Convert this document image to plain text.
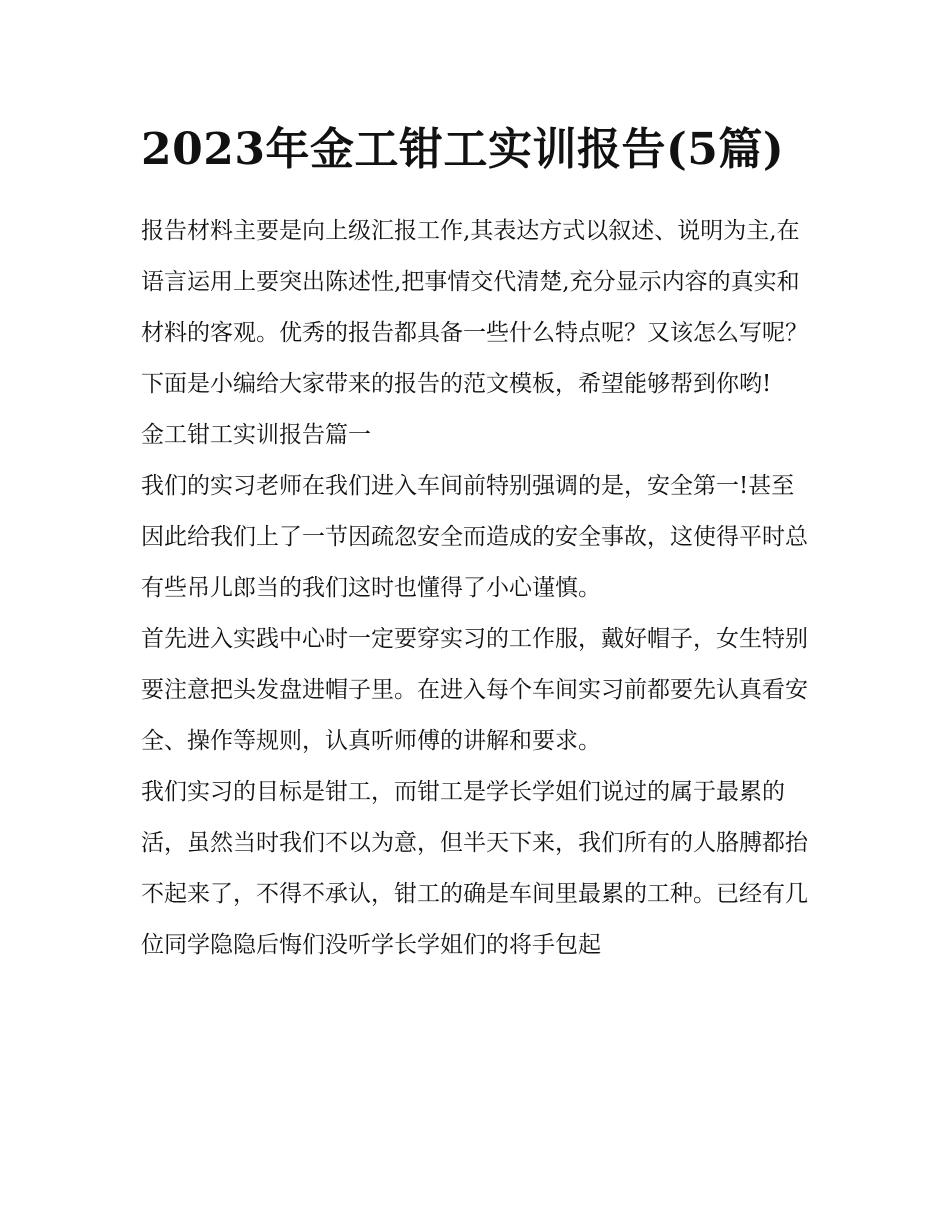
2023年金工钳工实训报告(5篇)

报告材料主要是向上级汇报工作,其表达方式以叙述、说明为主,在语言运用上要突出陈述性,把事情交代清楚,充分显示内容的真实和材料的客观。优秀的报告都具备一些什么特点呢？又该怎么写呢？下面是小编给大家带来的报告的范文模板，希望能够帮到你哟!

金工钳工实训报告篇一

我们的实习老师在我们进入车间前特别强调的是，安全第一!甚至因此给我们上了一节因疏忽安全而造成的安全事故，这使得平时总有些吊儿郎当的我们这时也懂得了小心谨慎。

首先进入实践中心时一定要穿实习的工作服，戴好帽子，女生特别要注意把头发盘进帽子里。在进入每个车间实习前都要先认真看安全、操作等规则，认真听师傅的讲解和要求。

我们实习的目标是钳工，而钳工是学长学姐们说过的属于最累的活，虽然当时我们不以为意，但半天下来，我们所有的人胳膊都抬不起来了，不得不承认，钳工的确是车间里最累的工种。已经有几位同学隐隐后悔们没听学长学姐们的将手包起
